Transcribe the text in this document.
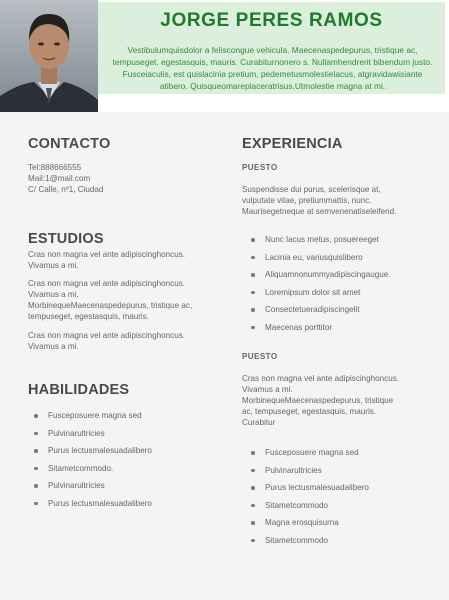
JORGE PERES RAMOS
Vestibulumquisdolor a feliscongue vehicula. Maecenaspedepurus, tristique ac, tempuseget, egestasquis, mauris. Curabiturnonero s. Nullamhendrerit bibendum justo. Fusceiaculis, est quislacinia pretium, pedemetusmolestielacus, atgravidawisiante atibero. Quisqueomareplaceratrisus.Utmolestie magna at mi.
CONTACTO
Tel:888666555
Mail:1@mail.com
C/ Calle, nº1, Ciudad
ESTUDIOS
Cras non magna vel ante adipiscinghoncus.
Vivamus a mi.
Cras non magna vel ante adipiscinghoncus.
Vivamus a mi.
MorbinequeMaecenaspedepurus, tristique ac,
tempuseget, egestasquis, mauris.
Cras non magna vel ante adipiscinghoncus.
Vivamus a mi.
HABILIDADES
Fusceposuere magna sed
Pulvinarultricies
Purus lectusmalesuadalibero
Sitametcommodo.
Pulvinarultricies
Purus lectusmalesuadalibero
EXPERIENCIA
PUESTO
Suspendisse dui purus, scelerisque at,
vulputate vitae, pretiummattis, nunc.
Maurisegetneque at semvenenatiseleifend.
Nunc lacus metus, posuereeget
Lacinia eu, variusquislibero
Aliquamnonummyadipiscingaugue.
Loremipsum dolor sit amet
Consectetueradipiscingelit
Maecenas porttitor
PUESTO
Cras non magna vel ante adipiscinghoncus.
Vivamus a mi.
MorbinequeMaecenaspedepurus, tristique
ac, tempuseget, egestasquis, mauris.
Curabitur
Fusceposuere magna sed
Pulvinarultricies
Purus lectusmalesuadalibero
Sitametcommodo
Magna erosquisurna
Sitametcommodo
